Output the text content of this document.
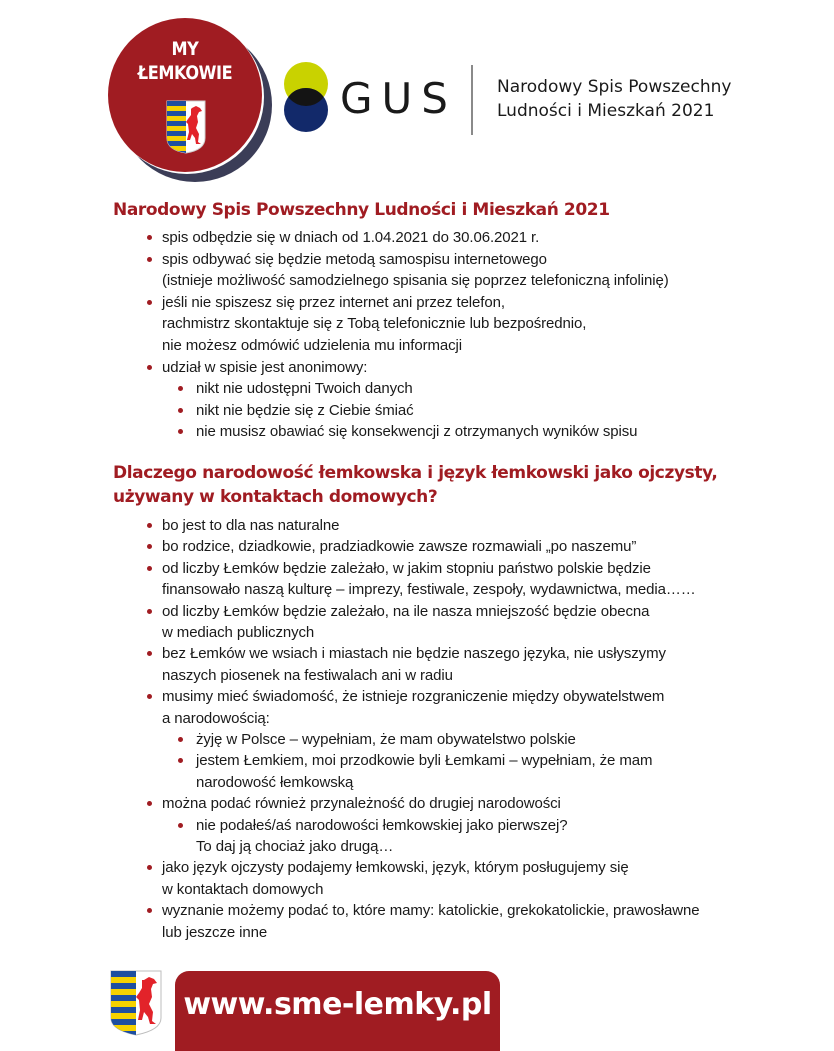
MY
ŁEMKOWIE
GUS Narodowy Spis Powszechny
Ludności i Mieszkań 2021
Narodowy Spis Powszechny Ludności i Mieszkań 2021
spis odbędzie się w dniach od 1.04.2021 do 30.06.2021 r.
spis odbywać się będzie metodą samospisu internetowego
(istnieje możliwość samodzielnego spisania się poprzez telefoniczną infolinię)
jeśli nie spiszesz się przez internet ani przez telefon,
rachmistrz skontaktuje się z Tobą telefonicznie lub bezpośrednio,
nie możesz odmówić udzielenia mu informacji
udział w spisie jest anonimowy:
nikt nie udostępni Twoich danych
nikt nie będzie się z Ciebie śmiać
nie musisz obawiać się konsekwencji z otrzymanych wyników spisu
Dlaczego narodowość łemkowska i język łemkowski jako ojczysty,
używany w kontaktach domowych?
bo jest to dla nas naturalne
bo rodzice, dziadkowie, pradziadkowie zawsze rozmawiali „po naszemu”
od liczby Łemków będzie zależało, w jakim stopniu państwo polskie będzie
finansowało naszą kulturę – imprezy, festiwale, zespoły, wydawnictwa, media……
od liczby Łemków będzie zależało, na ile nasza mniejszość będzie obecna
w mediach publicznych
bez Łemków we wsiach i miastach nie będzie naszego języka, nie usłyszymy
naszych piosenek na festiwalach ani w radiu
musimy mieć świadomość, że istnieje rozgraniczenie między obywatelstwem
a narodowością:
żyję w Polsce – wypełniam, że mam obywatelstwo polskie
jestem Łemkiem, moi przodkowie byli Łemkami – wypełniam, że mam
narodowość łemkowską
można podać również przynależność do drugiej narodowości
nie podałeś/aś narodowości łemkowskiej jako pierwszej?
To daj ją chociaż jako drugą…
jako język ojczysty podajemy łemkowski, język, którym posługujemy się
w kontaktach domowych
wyznanie możemy podać to, które mamy: katolickie, grekokatolickie, prawosławne
lub jeszcze inne
www.sme-lemky.pl
